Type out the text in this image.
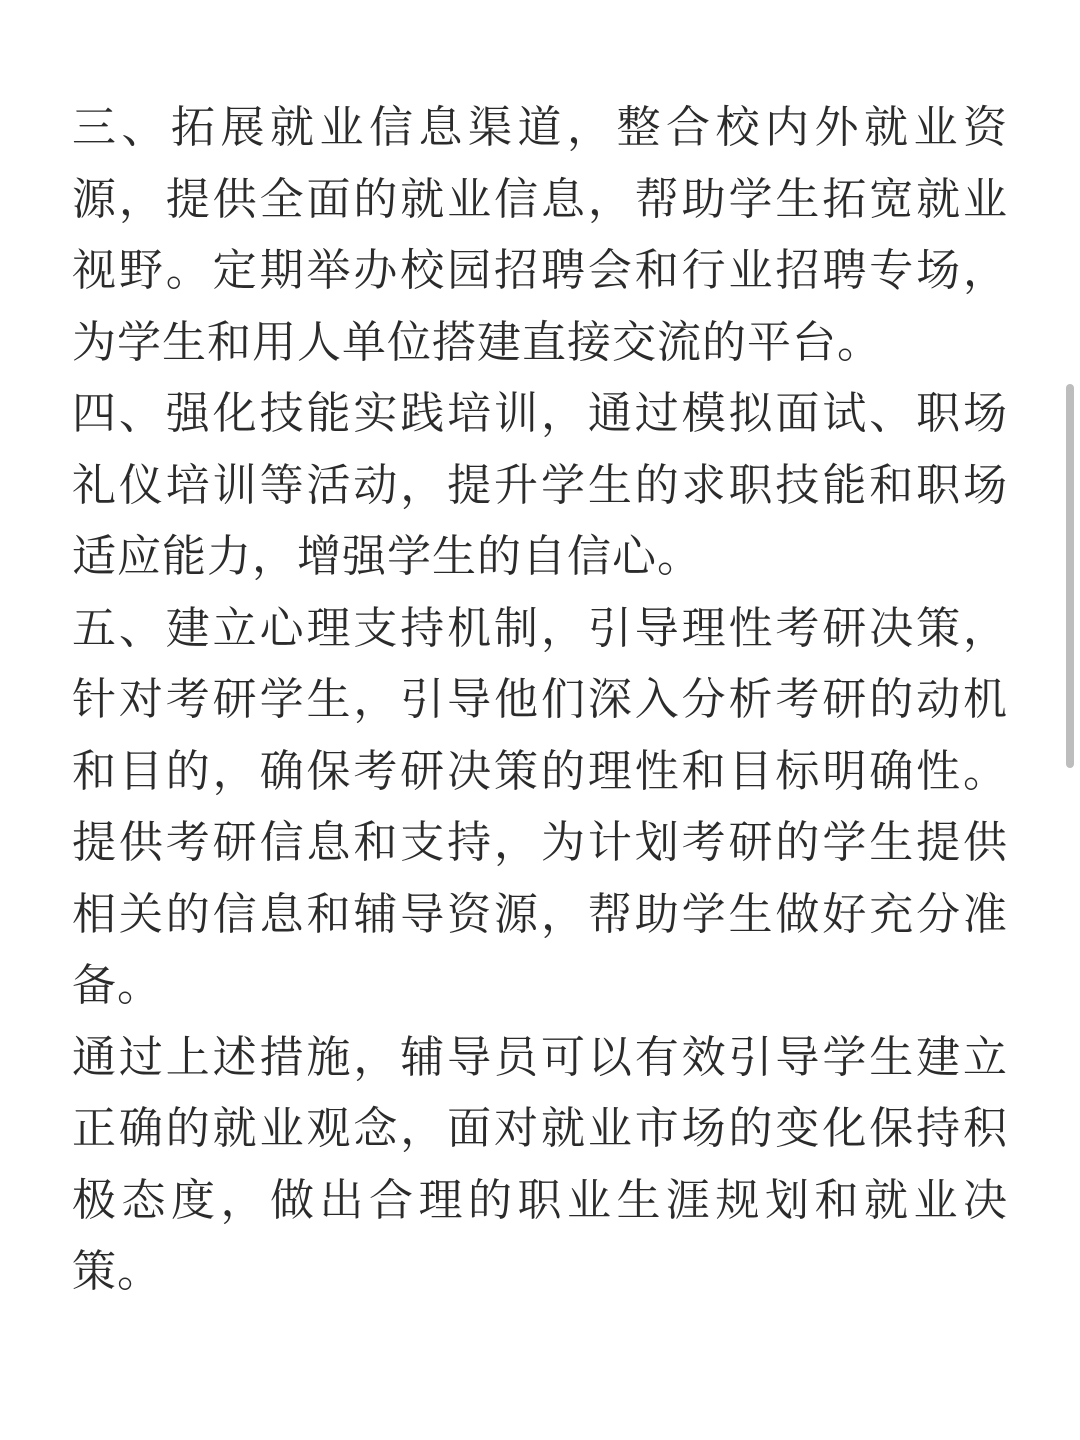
三、拓展就业信息渠道，整合校内外就业资源，提供全面的就业信息，帮助学生拓宽就业视野。定期举办校园招聘会和行业招聘专场，为学生和用人单位搭建直接交流的平台。

四、强化技能实践培训，通过模拟面试、职场礼仪培训等活动，提升学生的求职技能和职场适应能力，增强学生的自信心。

五、建立心理支持机制，引导理性考研决策，针对考研学生，引导他们深入分析考研的动机和目的，确保考研决策的理性和目标明确性。提供考研信息和支持，为计划考研的学生提供相关的信息和辅导资源，帮助学生做好充分准备。

通过上述措施，辅导员可以有效引导学生建立正确的就业观念，面对就业市场的变化保持积极态度，做出合理的职业生涯规划和就业决策。
